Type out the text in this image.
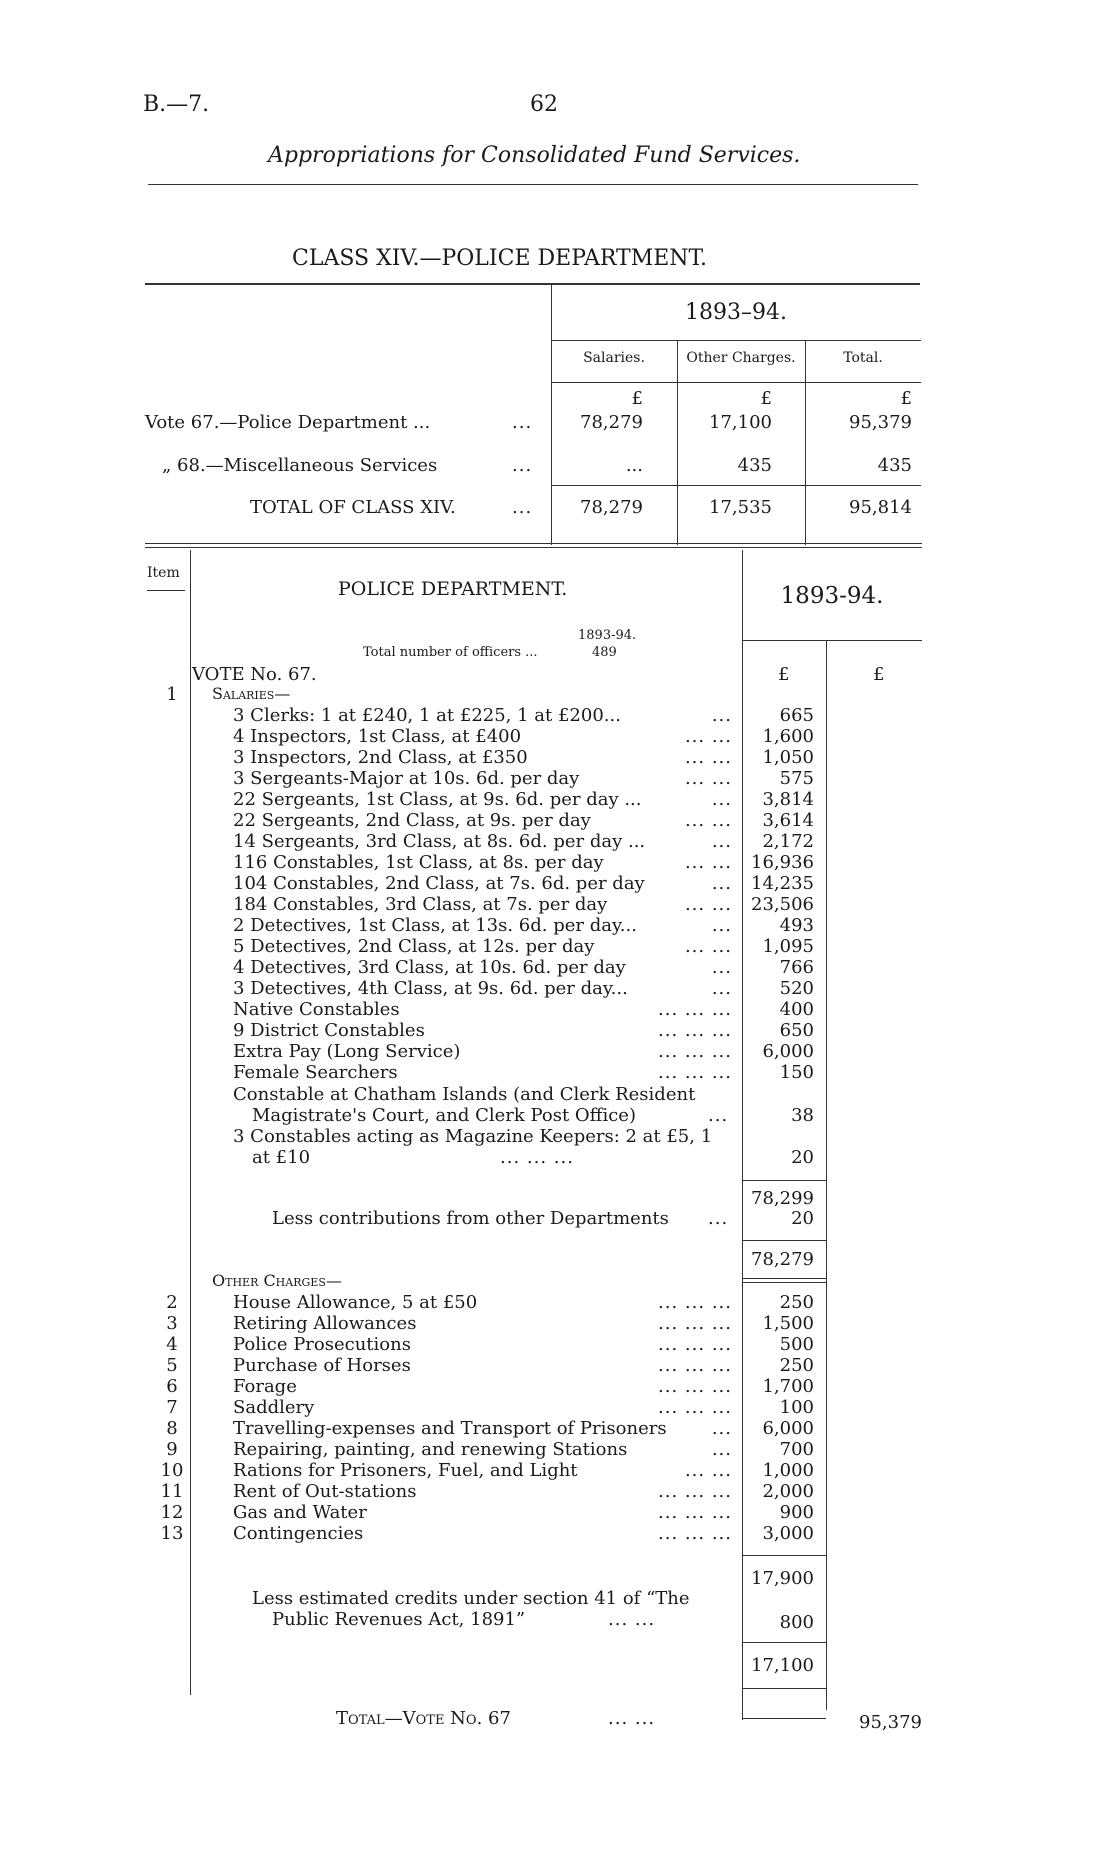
B.—7.	62
Appropriations for Consolidated Fund Services.
CLASS XIV.—POLICE DEPARTMENT.
1893–94.
Salaries.	Other Charges.	Total.
£	£	£
Vote 67.—Police Department ...	...	78,279	17,100	95,379
„ 68.—Miscellaneous Services	...	...	435	435
TOTAL OF CLASS XIV.	...	78,279	17,535	95,814
Item
POLICE DEPARTMENT.	1893-94.
1893-94.
Total number of officers ...	489
VOTE No. 67.	£	£
1	Salaries—
3 Clerks: 1 at £240, 1 at £225, 1 at £200...	...	665
4 Inspectors, 1st Class, at £400	... ...	1,600
3 Inspectors, 2nd Class, at £350	... ...	1,050
3 Sergeants-Major at 10s. 6d. per day	... ...	575
22 Sergeants, 1st Class, at 9s. 6d. per day ...	...	3,814
22 Sergeants, 2nd Class, at 9s. per day	... ...	3,614
14 Sergeants, 3rd Class, at 8s. 6d. per day ...	...	2,172
116 Constables, 1st Class, at 8s. per day	... ...	16,936
104 Constables, 2nd Class, at 7s. 6d. per day	...	14,235
184 Constables, 3rd Class, at 7s. per day	... ...	23,506
2 Detectives, 1st Class, at 13s. 6d. per day...	...	493
5 Detectives, 2nd Class, at 12s. per day	... ...	1,095
4 Detectives, 3rd Class, at 10s. 6d. per day	...	766
3 Detectives, 4th Class, at 9s. 6d. per day...	...	520
Native Constables	... ... ...	400
9 District Constables	... ... ...	650
Extra Pay (Long Service)	... ... ...	6,000
Female Searchers	... ... ...	150
Constable at Chatham Islands (and Clerk Resident
Magistrate's Court, and Clerk Post Office)	...	38
3 Constables acting as Magazine Keepers: 2 at £5, 1
at £10	... ... ...	20
78,299
Less contributions from other Departments ...	20
78,279
Other Charges—
2	House Allowance, 5 at £50	... ... ...	250
3	Retiring Allowances	... ... ...	1,500
4	Police Prosecutions	... ... ...	500
5	Purchase of Horses	... ... ...	250
6	Forage	... ... ...	1,700
7	Saddlery	... ... ...	100
8	Travelling-expenses and Transport of Prisoners	...	6,000
9	Repairing, painting, and renewing Stations	...	700
10	Rations for Prisoners, Fuel, and Light	... ...	1,000
11	Rent of Out-stations	... ... ...	2,000
12	Gas and Water	... ... ...	900
13	Contingencies	... ... ...	3,000
17,900
Less estimated credits under section 41 of “The
Public Revenues Act, 1891”	... ...	800
17,100
Total—Vote No. 67	... ...	95,379
